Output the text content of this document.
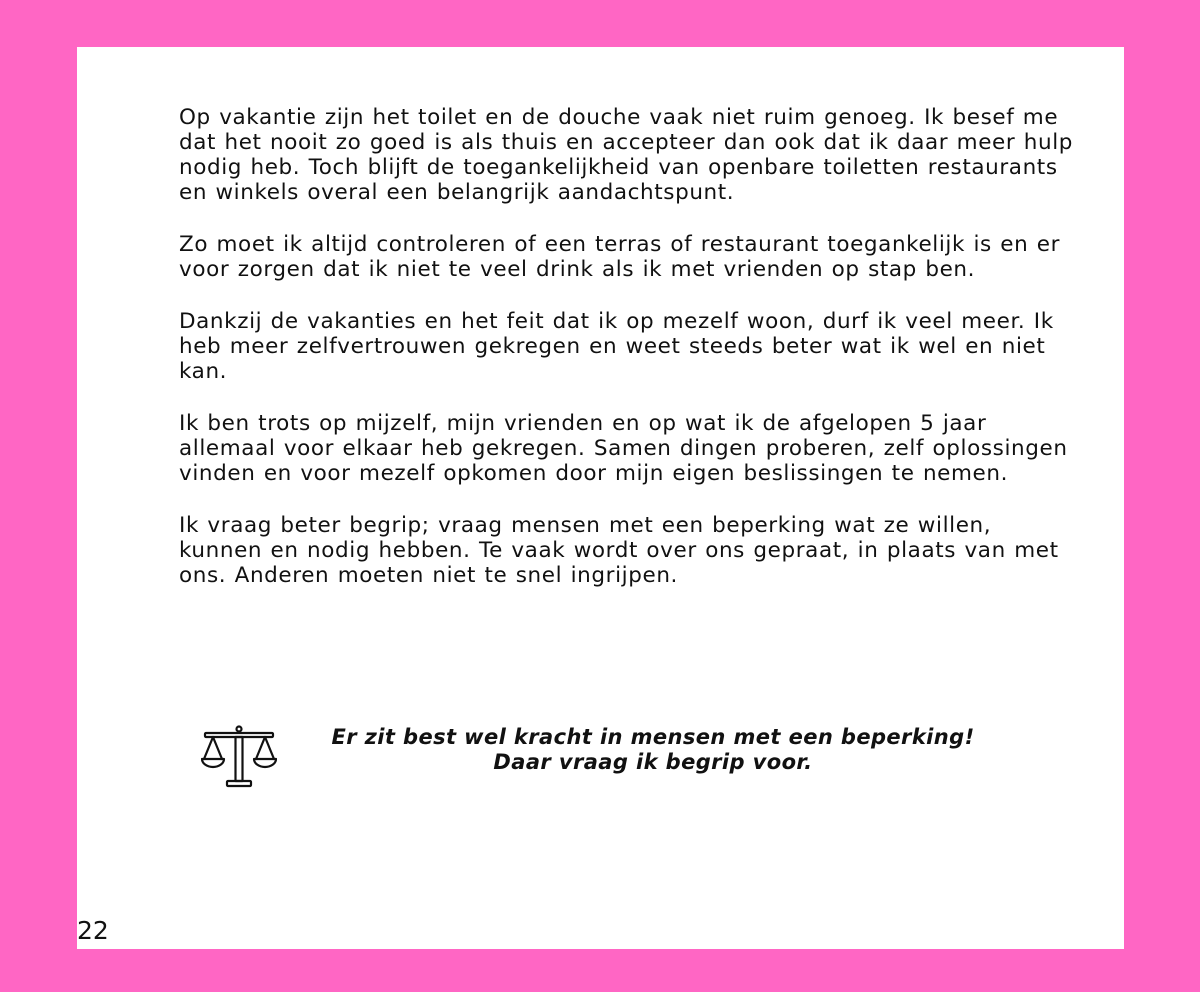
Op vakantie zijn het toilet en de douche vaak niet ruim genoeg. Ik besef me dat het nooit zo goed is als thuis en accepteer dan ook dat ik daar meer hulp nodig heb. Toch blijft de toegankelijkheid van openbare toiletten restaurants en winkels overal een belangrijk aandachtspunt.

Zo moet ik altijd controleren of een terras of restaurant toegankelijk is en er voor zorgen dat ik niet te veel drink als ik met vrienden op stap ben.

Dankzij de vakanties en het feit dat ik op mezelf woon, durf ik veel meer. Ik heb meer zelfvertrouwen gekregen en weet steeds beter wat ik wel en niet kan.

Ik ben trots op mijzelf, mijn vrienden en op wat ik de afgelopen 5 jaar allemaal voor elkaar heb gekregen. Samen dingen proberen, zelf oplossingen vinden en voor mezelf opkomen door mijn eigen beslissingen te nemen.

Ik vraag beter begrip; vraag mensen met een beperking wat ze willen, kunnen en nodig hebben. Te vaak wordt over ons gepraat, in plaats van met ons. Anderen moeten niet te snel ingrijpen.

Er zit best wel kracht in mensen met een beperking! Daar vraag ik begrip voor.

22
